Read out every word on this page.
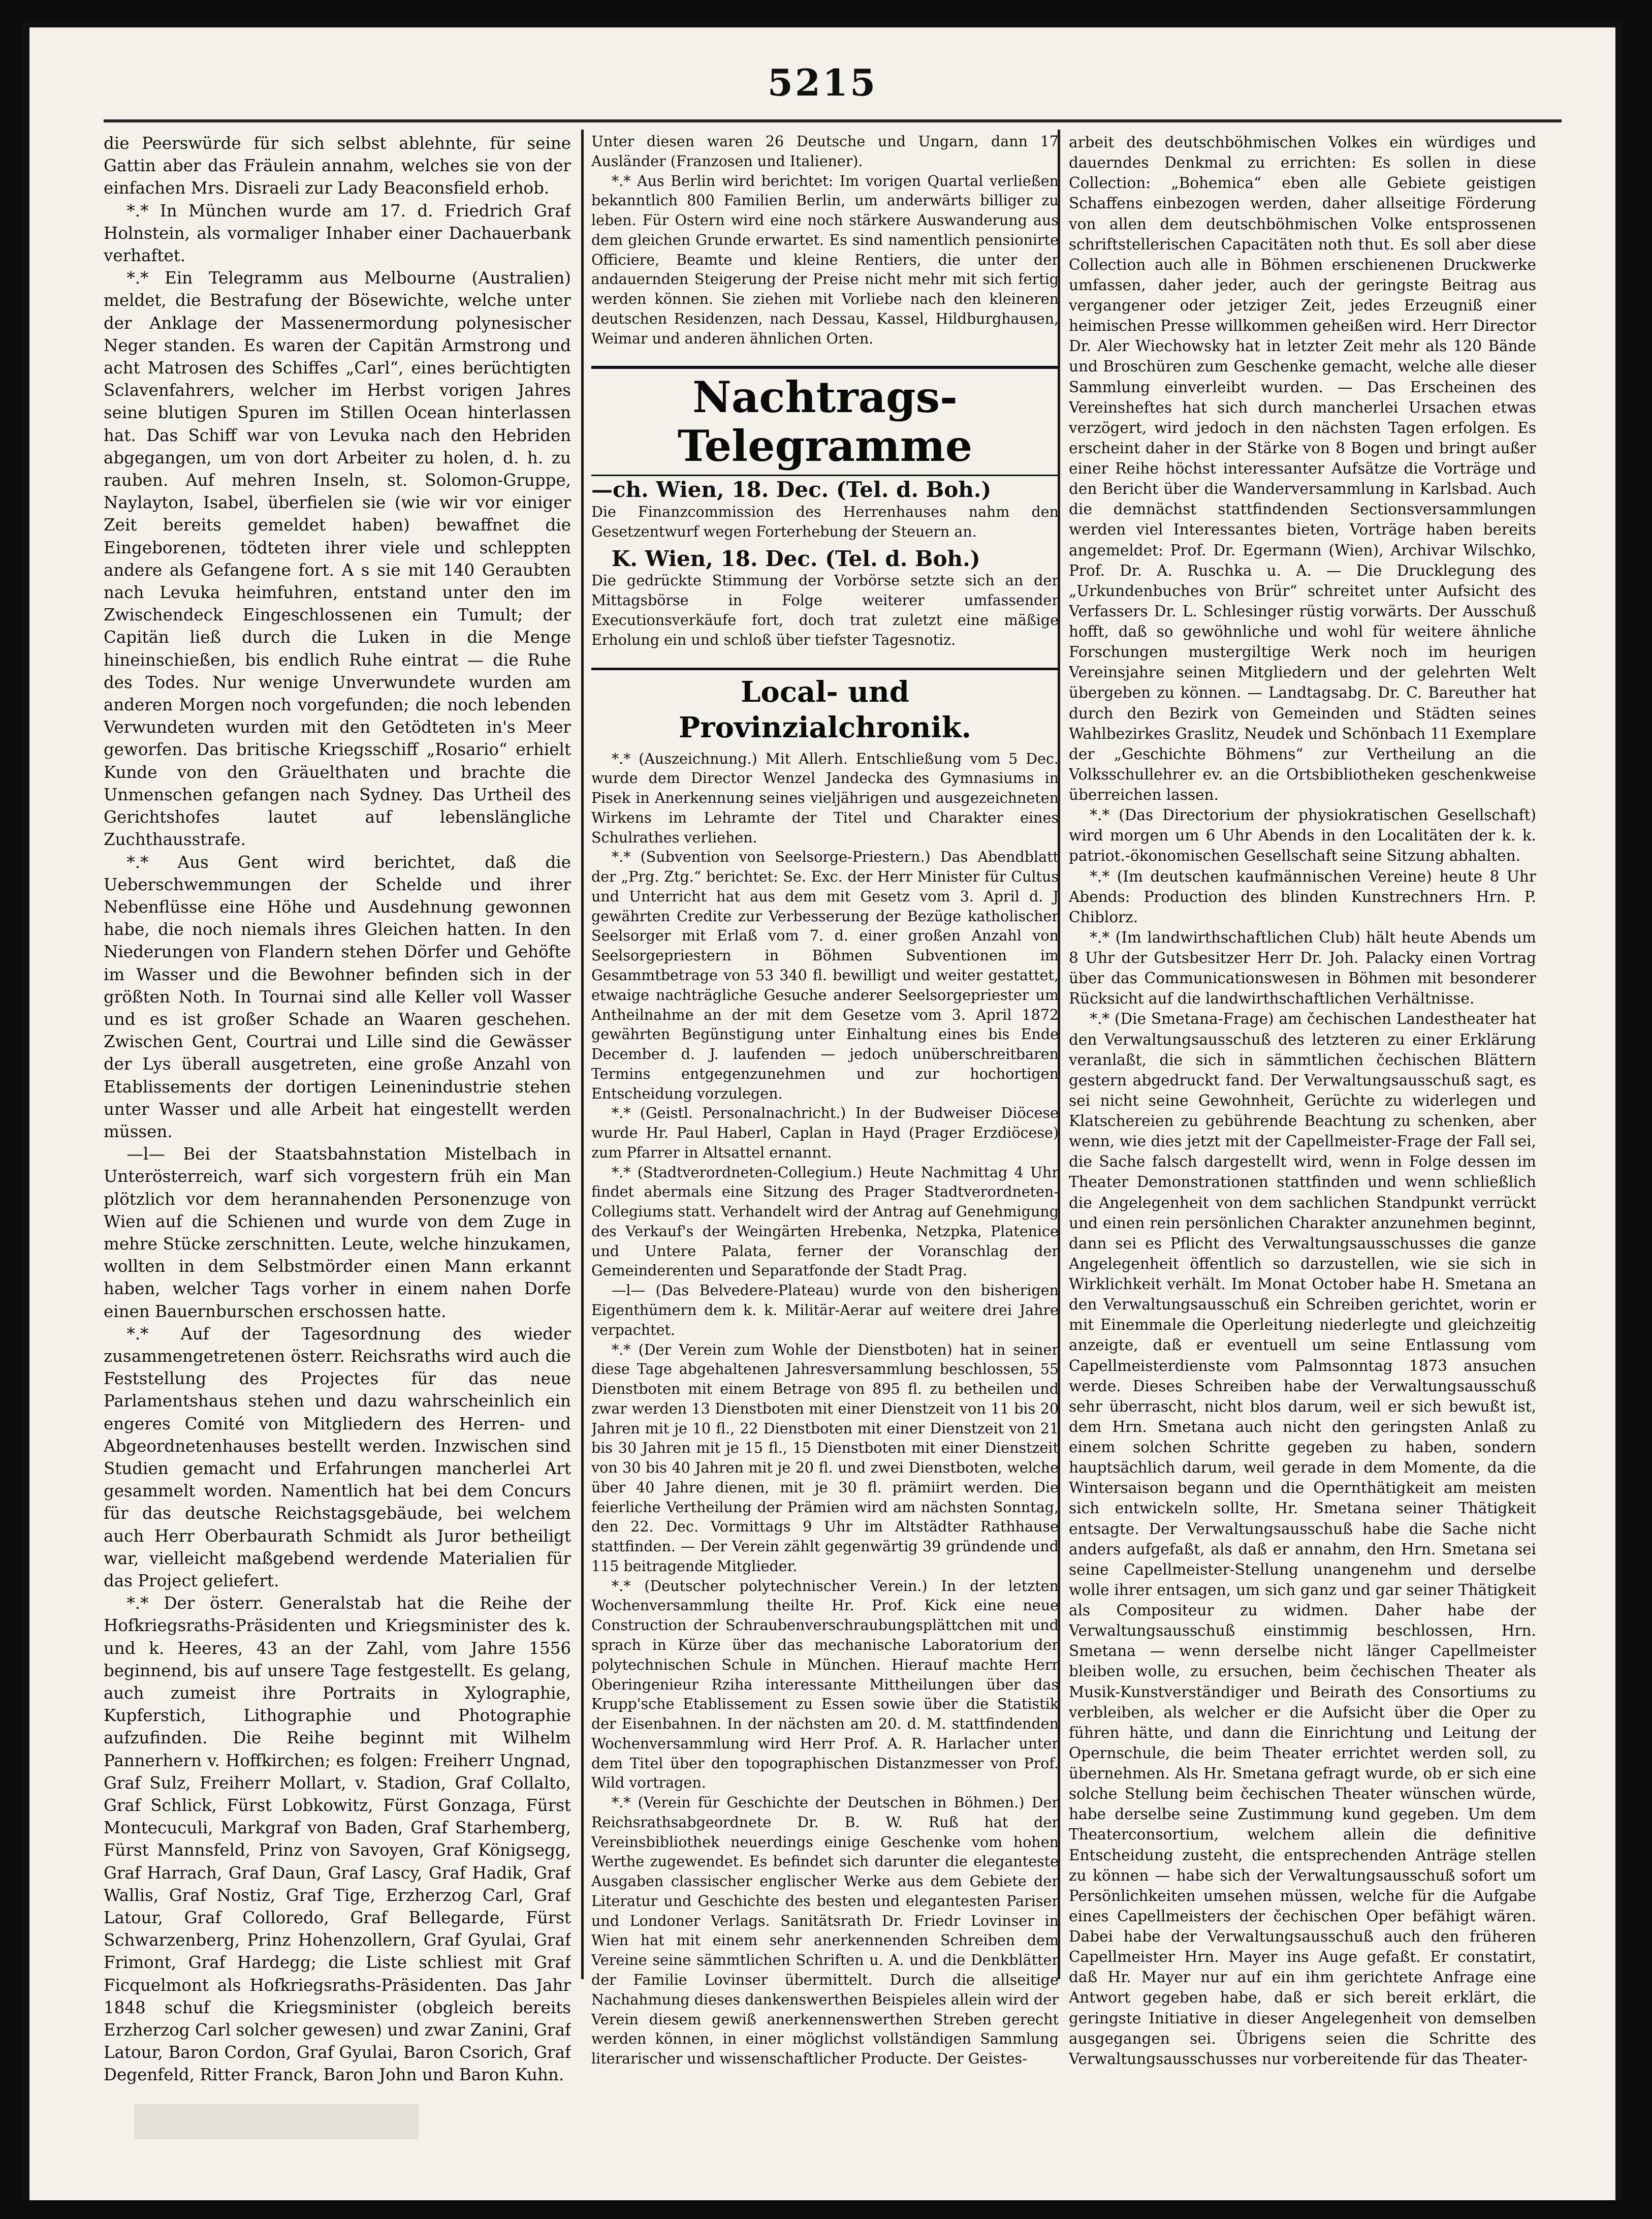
5215

die Peerswürde für sich selbst ablehnte, für seine Gattin aber das Fräulein annahm, welches sie von der einfachen Mrs. Disraeli zur Lady Beaconsfield erhob.

*.* In München wurde am 17. d. Friedrich Graf Holnstein, als vormaliger Inhaber einer Dachauerbank verhaftet.

*.* Ein Telegramm aus Melbourne (Australien) meldet, die Bestrafung der Bösewichte, welche unter der Anklage der Massenermordung polynesischer Neger standen. Es waren der Capitän Armstrong und acht Matrosen des Schiffes „Carl“, eines berüchtigten Sclavenfahrers, welcher im Herbst vorigen Jahres seine blutigen Spuren im Stillen Ocean hinterlassen hat. Das Schiff war von Levuka nach den Hebriden abgegangen, um von dort Arbeiter zu holen, d. h. zu rauben. Auf mehren Inseln, st. Solomon-Gruppe, Naylayton, Isabel, überfielen sie (wie wir vor einiger Zeit bereits gemeldet haben) bewaffnet die Eingeborenen, tödteten ihrer viele und schleppten andere als Gefangene fort. A s sie mit 140 Geraubten nach Levuka heimfuhren, entstand unter den im Zwischendeck Eingeschlossenen ein Tumult; der Capitän ließ durch die Luken in die Menge hineinschießen, bis endlich Ruhe eintrat — die Ruhe des Todes. Nur wenige Unverwundete wurden am anderen Morgen noch vorgefunden; die noch lebenden Verwundeten wurden mit den Getödteten in's Meer geworfen. Das britische Kriegsschiff „Rosario“ erhielt Kunde von den Gräuelthaten und brachte die Unmenschen gefangen nach Sydney. Das Urtheil des Gerichtshofes lautet auf lebenslängliche Zuchthausstrafe.

*.* Aus Gent wird berichtet, daß die Ueberschwemmungen der Schelde und ihrer Nebenflüsse eine Höhe und Ausdehnung gewonnen habe, die noch niemals ihres Gleichen hatten. In den Niederungen von Flandern stehen Dörfer und Gehöfte im Wasser und die Bewohner befinden sich in der größten Noth. In Tournai sind alle Keller voll Wasser und es ist großer Schade an Waaren geschehen. Zwischen Gent, Courtrai und Lille sind die Gewässer der Lys überall ausgetreten, eine große Anzahl von Etablissements der dortigen Leinenindustrie stehen unter Wasser und alle Arbeit hat eingestellt werden müssen.

—l— Bei der Staatsbahnstation Mistelbach in Unterösterreich, warf sich vorgestern früh ein Man plötzlich vor dem herannahenden Personenzuge von Wien auf die Schienen und wurde von dem Zuge in mehre Stücke zerschnitten. Leute, welche hinzukamen, wollten in dem Selbstmörder einen Mann erkannt haben, welcher Tags vorher in einem nahen Dorfe einen Bauernburschen erschossen hatte.

*.* Auf der Tagesordnung des wieder zusammengetretenen österr. Reichsraths wird auch die Feststellung des Projectes für das neue Parlamentshaus stehen und dazu wahrscheinlich ein engeres Comité von Mitgliedern des Herren- und Abgeordnetenhauses bestellt werden. Inzwischen sind Studien gemacht und Erfahrungen mancherlei Art gesammelt worden. Namentlich hat bei dem Concurs für das deutsche Reichstagsgebäude, bei welchem auch Herr Oberbaurath Schmidt als Juror betheiligt war, vielleicht maßgebend werdende Materialien für das Project geliefert.

*.* Der österr. Generalstab hat die Reihe der Hofkriegsraths-Präsidenten und Kriegsminister des k. und k. Heeres, 43 an der Zahl, vom Jahre 1556 beginnend, bis auf unsere Tage festgestellt. Es gelang, auch zumeist ihre Portraits in Xylographie, Kupferstich, Lithographie und Photographie aufzufinden. Die Reihe beginnt mit Wilhelm Pannerhern v. Hoffkirchen; es folgen: Freiherr Ungnad, Graf Sulz, Freiherr Mollart, v. Stadion, Graf Collalto, Graf Schlick, Fürst Lobkowitz, Fürst Gonzaga, Fürst Montecuculi, Markgraf von Baden, Graf Starhemberg, Fürst Mannsfeld, Prinz von Savoyen, Graf Königsegg, Graf Harrach, Graf Daun, Graf Lascy, Graf Hadik, Graf Wallis, Graf Nostiz, Graf Tige, Erzherzog Carl, Graf Latour, Graf Colloredo, Graf Bellegarde, Fürst Schwarzenberg, Prinz Hohenzollern, Graf Gyulai, Graf Frimont, Graf Hardegg; die Liste schliest mit Graf Ficquelmont als Hofkriegsraths-Präsidenten. Das Jahr 1848 schuf die Kriegsminister (obgleich bereits Erzherzog Carl solcher gewesen) und zwar Zanini, Graf Latour, Baron Cordon, Graf Gyulai, Baron Csorich, Graf Degenfeld, Ritter Franck, Baron John und Baron Kuhn.

Unter diesen waren 26 Deutsche und Ungarn, dann 17 Ausländer (Franzosen und Italiener).

*.* Aus Berlin wird berichtet: Im vorigen Quartal verließen bekanntlich 800 Familien Berlin, um anderwärts billiger zu leben. Für Ostern wird eine noch stärkere Auswanderung aus dem gleichen Grunde erwartet. Es sind namentlich pensionirte Officiere, Beamte und kleine Rentiers, die unter der andauernden Steigerung der Preise nicht mehr mit sich fertig werden können. Sie ziehen mit Vorliebe nach den kleineren deutschen Residenzen, nach Dessau, Kassel, Hildburghausen, Weimar und anderen ähnlichen Orten.

Nachtrags-Telegramme

—ch. Wien, 18. Dec. (Tel. d. Boh.)

Die Finanzcommission des Herrenhauses nahm den Gesetzentwurf wegen Forterhebung der Steuern an.

K. Wien, 18. Dec. (Tel. d. Boh.)

Die gedrückte Stimmung der Vorbörse setzte sich an der Mittagsbörse in Folge weiterer umfassender Executionsverkäufe fort, doch trat zuletzt eine mäßige Erholung ein und schloß über tiefster Tagesnotiz.

Local- und Provinzialchronik.

*.* (Auszeichnung.) Mit Allerh. Entschließung vom 5 Dec. wurde dem Director Wenzel Jandecka des Gymnasiums in Pisek in Anerkennung seines vieljährigen und ausgezeichneten Wirkens im Lehramte der Titel und Charakter eines Schulrathes verliehen.

*.* (Subvention von Seelsorge-Priestern.) Das Abendblatt der „Prg. Ztg.“ berichtet: Se. Exc. der Herr Minister für Cultus und Unterricht hat aus dem mit Gesetz vom 3. April d. J gewährten Credite zur Verbesserung der Bezüge katholischer Seelsorger mit Erlaß vom 7. d. einer großen Anzahl von Seelsorgepriestern in Böhmen Subventionen im Gesammtbetrage von 53 340 fl. bewilligt und weiter gestattet, etwaige nachträgliche Gesuche anderer Seelsorgepriester um Antheilnahme an der mit dem Gesetze vom 3. April 1872 gewährten Begünstigung unter Einhaltung eines bis Ende December d. J. laufenden — jedoch unüberschreitbaren Termins entgegenzunehmen und zur hochortigen Entscheidung vorzulegen.

*.* (Geistl. Personalnachricht.) In der Budweiser Diöcese wurde Hr. Paul Haberl, Caplan in Hayd (Prager Erzdiöcese) zum Pfarrer in Altsattel ernannt.

*.* (Stadtverordneten-Collegium.) Heute Nachmittag 4 Uhr findet abermals eine Sitzung des Prager Stadtverordneten-Collegiums statt. Verhandelt wird der Antrag auf Genehmigung des Verkauf's der Weingärten Hrebenka, Netzpka, Platenice und Untere Palata, ferner der Voranschlag der Gemeinderenten und Separatfonde der Stadt Prag.

—l— (Das Belvedere-Plateau) wurde von den bisherigen Eigenthümern dem k. k. Militär-Aerar auf weitere drei Jahre verpachtet.

*.* (Der Verein zum Wohle der Dienstboten) hat in seiner diese Tage abgehaltenen Jahresversammlung beschlossen, 55 Dienstboten mit einem Betrage von 895 fl. zu betheilen und zwar werden 13 Dienstboten mit einer Dienstzeit von 11 bis 20 Jahren mit je 10 fl., 22 Dienstboten mit einer Dienstzeit von 21 bis 30 Jahren mit je 15 fl., 15 Dienstboten mit einer Dienstzeit von 30 bis 40 Jahren mit je 20 fl. und zwei Dienstboten, welche über 40 Jahre dienen, mit je 30 fl. prämiirt werden. Die feierliche Vertheilung der Prämien wird am nächsten Sonntag, den 22. Dec. Vormittags 9 Uhr im Altstädter Rathhause stattfinden. — Der Verein zählt gegenwärtig 39 gründende und 115 beitragende Mitglieder.

*.* (Deutscher polytechnischer Verein.) In der letzten Wochenversammlung theilte Hr. Prof. Kick eine neue Construction der Schraubenverschraubungsplättchen mit und sprach in Kürze über das mechanische Laboratorium der polytechnischen Schule in München. Hierauf machte Herr Oberingenieur Rziha interessante Mittheilungen über das Krupp'sche Etablissement zu Essen sowie über die Statistik der Eisenbahnen. In der nächsten am 20. d. M. stattfindenden Wochenversammlung wird Herr Prof. A. R. Harlacher unter dem Titel über den topographischen Distanzmesser von Prof. Wild vortragen.

*.* (Verein für Geschichte der Deutschen in Böhmen.) Der Reichsrathsabgeordnete Dr. B. W. Ruß hat der Vereinsbibliothek neuerdings einige Geschenke vom hohen Werthe zugewendet. Es befindet sich darunter die eleganteste Ausgaben classischer englischer Werke aus dem Gebiete der Literatur und Geschichte des besten und elegantesten Pariser und Londoner Verlags. Sanitätsrath Dr. Friedr Lovinser in Wien hat mit einem sehr anerkennenden Schreiben dem Vereine seine sämmtlichen Schriften u. A. und die Denkblätter der Familie Lovinser übermittelt. Durch die allseitige Nachahmung dieses dankenswerthen Beispieles allein wird der Verein diesem gewiß anerkennenswerthen Streben gerecht werden können, in einer möglichst vollständigen Sammlung literarischer und wissenschaftlicher Producte. Der Geistes-

arbeit des deutschböhmischen Volkes ein würdiges und dauerndes Denkmal zu errichten: Es sollen in diese Collection: „Bohemica“ eben alle Gebiete geistigen Schaffens einbezogen werden, daher allseitige Förderung von allen dem deutschböhmischen Volke entsprossenen schriftstellerischen Capacitäten noth thut. Es soll aber diese Collection auch alle in Böhmen erschienenen Druckwerke umfassen, daher jeder, auch der geringste Beitrag aus vergangener oder jetziger Zeit, jedes Erzeugniß einer heimischen Presse willkommen geheißen wird. Herr Director Dr. Aler Wiechowsky hat in letzter Zeit mehr als 120 Bände und Broschüren zum Geschenke gemacht, welche alle dieser Sammlung einverleibt wurden. — Das Erscheinen des Vereinsheftes hat sich durch mancherlei Ursachen etwas verzögert, wird jedoch in den nächsten Tagen erfolgen. Es erscheint daher in der Stärke von 8 Bogen und bringt außer einer Reihe höchst interessanter Aufsätze die Vorträge und den Bericht über die Wanderversammlung in Karlsbad. Auch die demnächst stattfindenden Sectionsversammlungen werden viel Interessantes bieten, Vorträge haben bereits angemeldet: Prof. Dr. Egermann (Wien), Archivar Wilschko, Prof. Dr. A. Ruschka u. A. — Die Drucklegung des „Urkundenbuches von Brür“ schreitet unter Aufsicht des Verfassers Dr. L. Schlesinger rüstig vorwärts. Der Ausschuß hofft, daß so gewöhnliche und wohl für weitere ähnliche Forschungen mustergiltige Werk noch im heurigen Vereinsjahre seinen Mitgliedern und der gelehrten Welt übergeben zu können. — Landtagsabg. Dr. C. Bareuther hat durch den Bezirk von Gemeinden und Städten seines Wahlbezirkes Graslitz, Neudek und Schönbach 11 Exemplare der „Geschichte Böhmens“ zur Vertheilung an die Volksschullehrer ev. an die Ortsbibliotheken geschenkweise überreichen lassen.

*.* (Das Directorium der physiokratischen Gesellschaft) wird morgen um 6 Uhr Abends in den Localitäten der k. k. patriot.-ökonomischen Gesellschaft seine Sitzung abhalten.

*.* (Im deutschen kaufmännischen Vereine) heute 8 Uhr Abends: Production des blinden Kunstrechners Hrn. P. Chiblorz.

*.* (Im landwirthschaftlichen Club) hält heute Abends um 8 Uhr der Gutsbesitzer Herr Dr. Joh. Palacky einen Vortrag über das Communicationswesen in Böhmen mit besonderer Rücksicht auf die landwirthschaftlichen Verhältnisse.

*.* (Die Smetana-Frage) am čechischen Landestheater hat den Verwaltungsausschuß des letzteren zu einer Erklärung veranlaßt, die sich in sämmtlichen čechischen Blättern gestern abgedruckt fand. Der Verwaltungsausschuß sagt, es sei nicht seine Gewohnheit, Gerüchte zu widerlegen und Klatschereien zu gebührende Beachtung zu schenken, aber wenn, wie dies jetzt mit der Capellmeister-Frage der Fall sei, die Sache falsch dargestellt wird, wenn in Folge dessen im Theater Demonstrationen stattfinden und wenn schließlich die Angelegenheit von dem sachlichen Standpunkt verrückt und einen rein persönlichen Charakter anzunehmen beginnt, dann sei es Pflicht des Verwaltungsausschusses die ganze Angelegenheit öffentlich so darzustellen, wie sie sich in Wirklichkeit verhält. Im Monat October habe H. Smetana an den Verwaltungsausschuß ein Schreiben gerichtet, worin er mit Einemmale die Operleitung niederlegte und gleichzeitig anzeigte, daß er eventuell um seine Entlassung vom Capellmeisterdienste vom Palmsonntag 1873 ansuchen werde. Dieses Schreiben habe der Verwaltungsausschuß sehr überrascht, nicht blos darum, weil er sich bewußt ist, dem Hrn. Smetana auch nicht den geringsten Anlaß zu einem solchen Schritte gegeben zu haben, sondern hauptsächlich darum, weil gerade in dem Momente, da die Wintersaison begann und die Opernthätigkeit am meisten sich entwickeln sollte, Hr. Smetana seiner Thätigkeit entsagte. Der Verwaltungsausschuß habe die Sache nicht anders aufgefaßt, als daß er annahm, den Hrn. Smetana sei seine Capellmeister-Stellung unangenehm und derselbe wolle ihrer entsagen, um sich ganz und gar seiner Thätigkeit als Compositeur zu widmen. Daher habe der Verwaltungsausschuß einstimmig beschlossen, Hrn. Smetana — wenn derselbe nicht länger Capellmeister bleiben wolle, zu ersuchen, beim čechischen Theater als Musik-Kunstverständiger und Beirath des Consortiums zu verbleiben, als welcher er die Aufsicht über die Oper zu führen hätte, und dann die Einrichtung und Leitung der Opernschule, die beim Theater errichtet werden soll, zu übernehmen. Als Hr. Smetana gefragt wurde, ob er sich eine solche Stellung beim čechischen Theater wünschen würde, habe derselbe seine Zustimmung kund gegeben. Um dem Theaterconsortium, welchem allein die definitive Entscheidung zusteht, die entsprechenden Anträge stellen zu können — habe sich der Verwaltungsausschuß sofort um Persönlichkeiten umsehen müssen, welche für die Aufgabe eines Capellmeisters der čechischen Oper befähigt wären. Dabei habe der Verwaltungsausschuß auch den früheren Capellmeister Hrn. Mayer ins Auge gefaßt. Er constatirt, daß Hr. Mayer nur auf ein ihm gerichtete Anfrage eine Antwort gegeben habe, daß er sich bereit erklärt, die geringste Initiative in dieser Angelegenheit von demselben ausgegangen sei. Übrigens seien die Schritte des Verwaltungsausschusses nur vorbereitende für das Theater-
